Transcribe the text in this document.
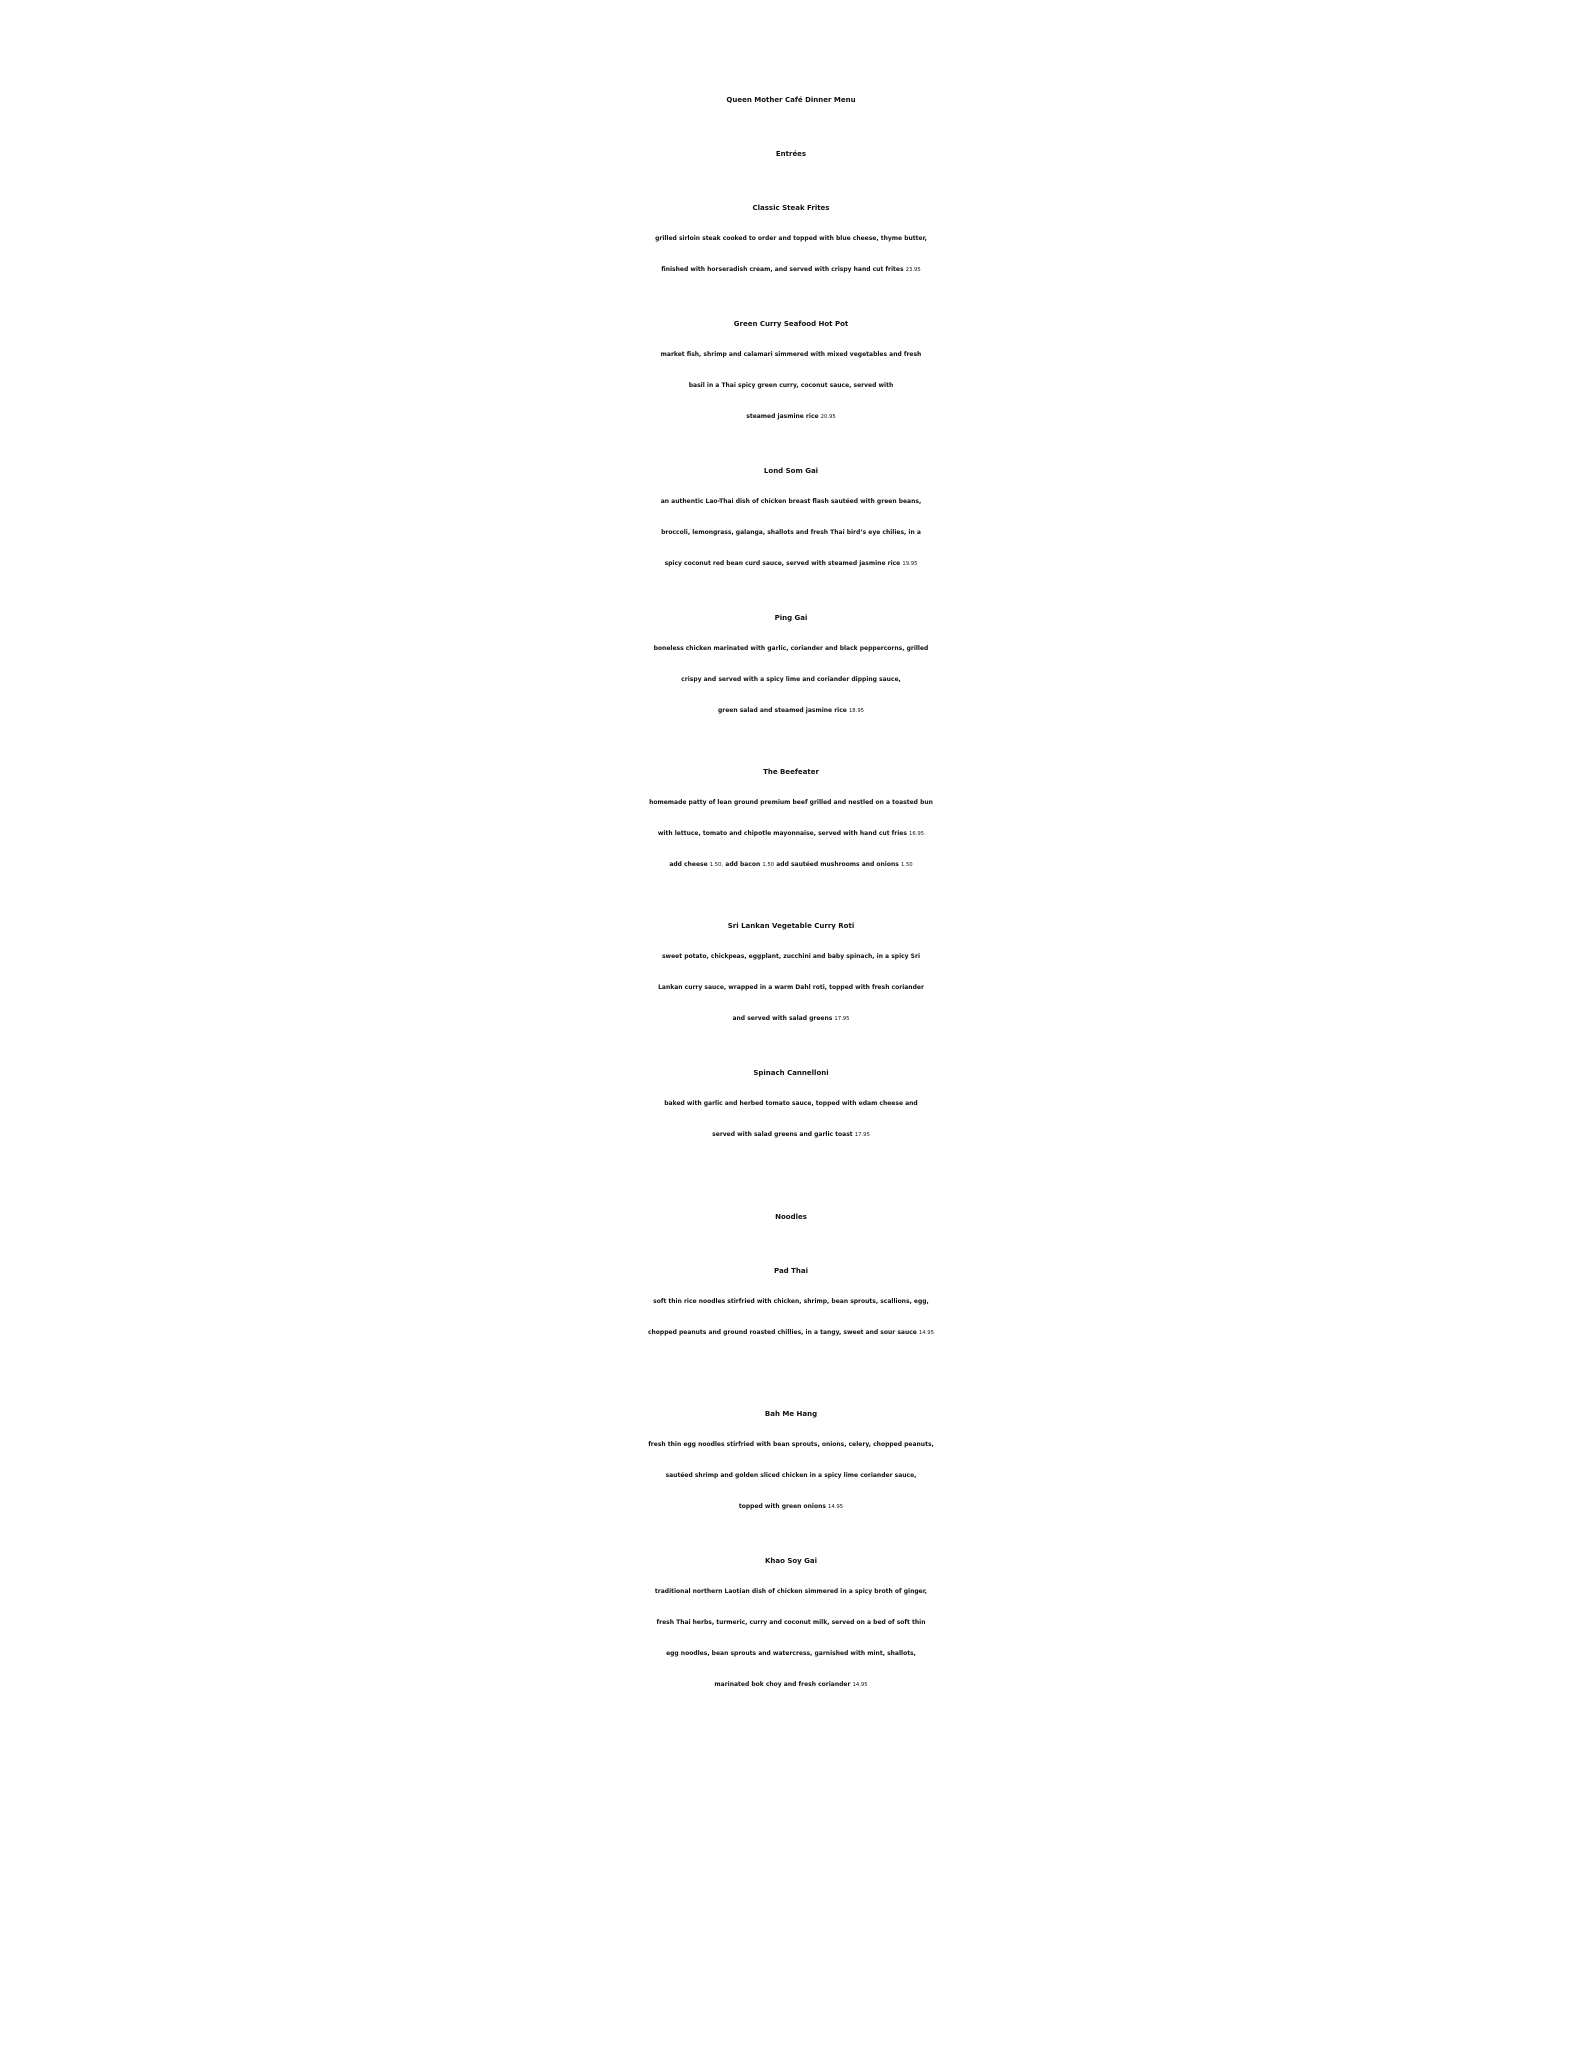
Queen Mother Café Dinner Menu
Entrées
Classic Steak Frites
grilled sirloin steak cooked to order and topped with blue cheese, thyme butter,
finished with horseradish cream, and served with crispy hand cut frites 23.95
Green Curry Seafood Hot Pot
market fish, shrimp and calamari simmered with mixed vegetables and fresh
basil in a Thai spicy green curry, coconut sauce, served with
steamed jasmine rice 20.95
Lond Som Gai
an authentic Lao-Thai dish of chicken breast flash sautéed with green beans,
broccoli, lemongrass, galanga, shallots and fresh Thai bird’s eye chilies, in a
spicy coconut red bean curd sauce, served with steamed jasmine rice 19.95
Ping Gai
boneless chicken marinated with garlic, coriander and black peppercorns, grilled
crispy and served with a spicy lime and coriander dipping sauce,
green salad and steamed jasmine rice 18.95
The Beefeater
homemade patty of lean ground premium beef grilled and nestled on a toasted bun
with lettuce, tomato and chipotle mayonnaise, served with hand cut fries 16.95
add cheese 1.50, add bacon 1.50 add sautéed mushrooms and onions 1.50
Sri Lankan Vegetable Curry Roti
sweet potato, chickpeas, eggplant, zucchini and baby spinach, in a spicy Sri
Lankan curry sauce, wrapped in a warm Dahl roti, topped with fresh coriander
and served with salad greens 17.95
Spinach Cannelloni
baked with garlic and herbed tomato sauce, topped with edam cheese and
served with salad greens and garlic toast 17.95
Noodles
Pad Thai
soft thin rice noodles stirfried with chicken, shrimp, bean sprouts, scallions, egg,
chopped peanuts and ground roasted chillies, in a tangy, sweet and sour sauce 14.95
Bah Me Hang
fresh thin egg noodles stirfried with bean sprouts, onions, celery, chopped peanuts,
sautéed shrimp and golden sliced chicken in a spicy lime coriander sauce,
topped with green onions 14.95
Khao Soy Gai
traditional northern Laotian dish of chicken simmered in a spicy broth of ginger,
fresh Thai herbs, turmeric, curry and coconut milk, served on a bed of soft thin
egg noodles, bean sprouts and watercress, garnished with mint, shallots,
marinated bok choy and fresh coriander 14.95
